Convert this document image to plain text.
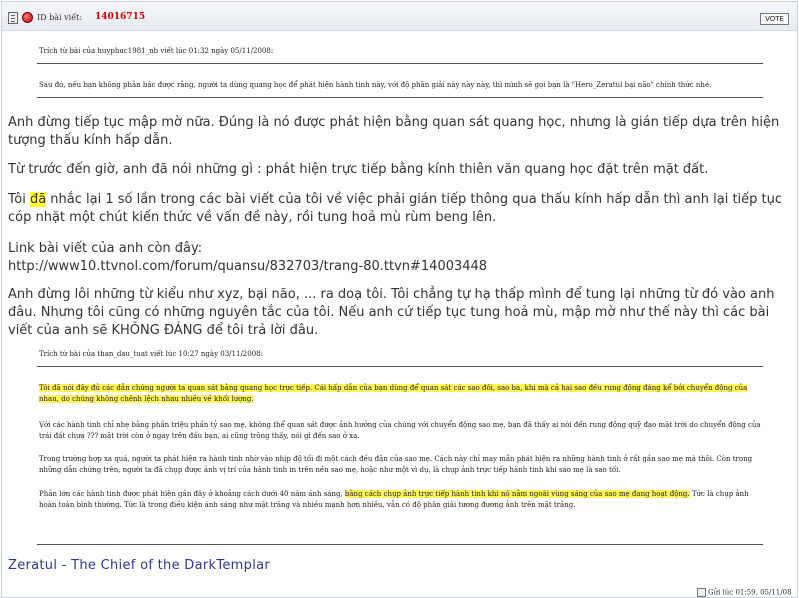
ID bài viết: 14016715	VOTE
Trích từ bài của huyphuc1981_nb viết lúc 01:32 ngày 05/11/2008:
Sau đó, nếu bạn không phản bác được rằng, người ta dùng quang học để phát hiện hành tinh này, với độ phân giải này này này, thì mình sẽ gọi bạn là "Hero_Zeratul bại não" chính thức nhé.
Anh đừng tiếp tục mập mờ nữa. Đúng là nó được phát hiện bằng quan sát quang học, nhưng là gián tiếp dựa trên hiện tượng thấu kính hấp dẫn.
Từ trước đến giờ, anh đã nói những gì : phát hiện trực tiếp bằng kính thiên văn quang học đặt trên mặt đất.
Tôi đã nhắc lại 1 số lần trong các bài viết của tôi về việc phải gián tiếp thông qua thấu kính hấp dẫn thì anh lại tiếp tục cóp nhặt một chút kiến thức về vấn đề này, rồi tung hoả mù rùm beng lên.
Link bài viết của anh còn đây:
http://www10.ttvnol.com/forum/quansu/832703/trang-80.ttvn#14003448
Anh đừng lôi những từ kiểu như xyz, bại não, ... ra doạ tôi. Tôi chẳng tự hạ thấp mình để tung lại những từ đó vào anh đâu. Nhưng tôi cũng có những nguyên tắc của tôi. Nếu anh cứ tiếp tục tung hoả mù, mập mờ như thế này thì các bài viết của anh sẽ KHÔNG ĐÁNG để tôi trả lời đâu.
Trích từ bài của than_dau_tuat viết lúc 10:27 ngày 03/11/2008:
Tôi đã nói đây đủ các dẫn chứng người ta quan sát bằng quang học trực tiếp. Cái hấp dẫn của bạn dùng để quan sát các sao đôi, sao ba, khi mà cả hai sao đều rung động đáng kể bởi chuyển động của nhau, do chúng không chênh lệch nhau nhiều về khối lượng.
Với các hành tinh chỉ nhẹ bằng phần triệu phần tỷ sao mẹ, không thể quan sát được ảnh hưởng của chúng với chuyển động sao mẹ, bạn đã thấy ai nói đến rung động quỹ đạo mặt trời do chuyển động của trái đất chưa ??? mặt trời còn ở ngay trên đầu bạn, ai cũng trông thấy, nói gì đến sao ở xa.
Trong trường hợp xa quá, người ta phát hiện ra hành tinh nhờ vào nhịp độ tối đi một cách đều đặn của sao mẹ. Cách này chỉ may mắn phát hiện ra những hành tinh ở rất gần sao mẹ mà thôi. Còn trong những dẫn chứng trên, người ta đã chụp được ảnh vị trí của hành tinh in trên nền sao mẹ, hoặc như một vì dụ, là chụp ảnh trực tiếp hành tinh khi sao mẹ là sao tối.
Phần lớn các hành tinh được phát hiện gần đây ở khoảng cách dưới 40 năm ánh sáng, bằng cách chụp ảnh trực tiếp hành tinh khi nó nằm ngoài vùng sáng của sao mẹ đang hoạt động. Tức là chụp ảnh hoàn toàn bình thường. Tức là trong điều kiện ánh sáng như mặt trăng và nhiều mạnh hơn nhiều, vẫn có độ phân giải tương đương ảnh trên mặt trăng.
Zeratul - The Chief of the DarkTemplar
Gửi lúc 01:59, 05/11/08
